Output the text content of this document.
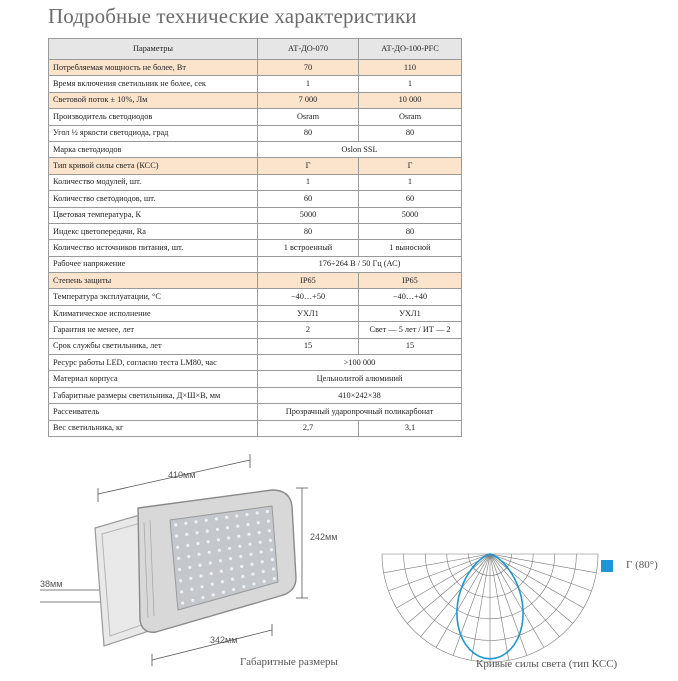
Подробные технические характеристики
Параметры	АТ-ДО-070	АТ-ДО-100-PFC
Потребляемая мощность не более, Вт	70	110
Время включения светильник не более, сек	1	1
Световой поток ± 10%, Лм	7 000	10 000
Производитель светодиодов	Osram	Osram
Угол ½ яркости светодиода, град	80	80
Марка светодиодов	Oslon SSL	
Тип кривой силы света (КСС)	Г	Г
Количество модулей, шт.	1	1
Количество светодиодов, шт.	60	60
Цветовая температура, К	5000	5000
Индекс цветопередачи, Ra	80	80
Количество источников питания, шт.	1 встроенный	1 выносной
Рабочее напряжение	176÷264 В / 50 Гц (АС)	
Степень защиты	IP65	IP65
Температура эксплуатации, °С	−40…+50	−40…+40
Климатическое исполнение	УХЛ1	УХЛ1
Гарантия не менее, лет	2	Свет — 5 лет / ИТ — 2
Срок службы светильника, лет	15	15
Ресурс работы LED, согласно теста LM80, час	>100 000	
Материал корпуса	Цельнолитой алюминий	
Габаритные размеры светильника, Д×Ш×В, мм	410×242×38	
Рассеиватель	Прозрачный ударопрочный поликарбонат	
Вес светильника, кг	2,7	3,1
410мм
242мм
38мм
342мм
Габаритные размеры	Кривые силы света (тип КСС)
Г (80°)
